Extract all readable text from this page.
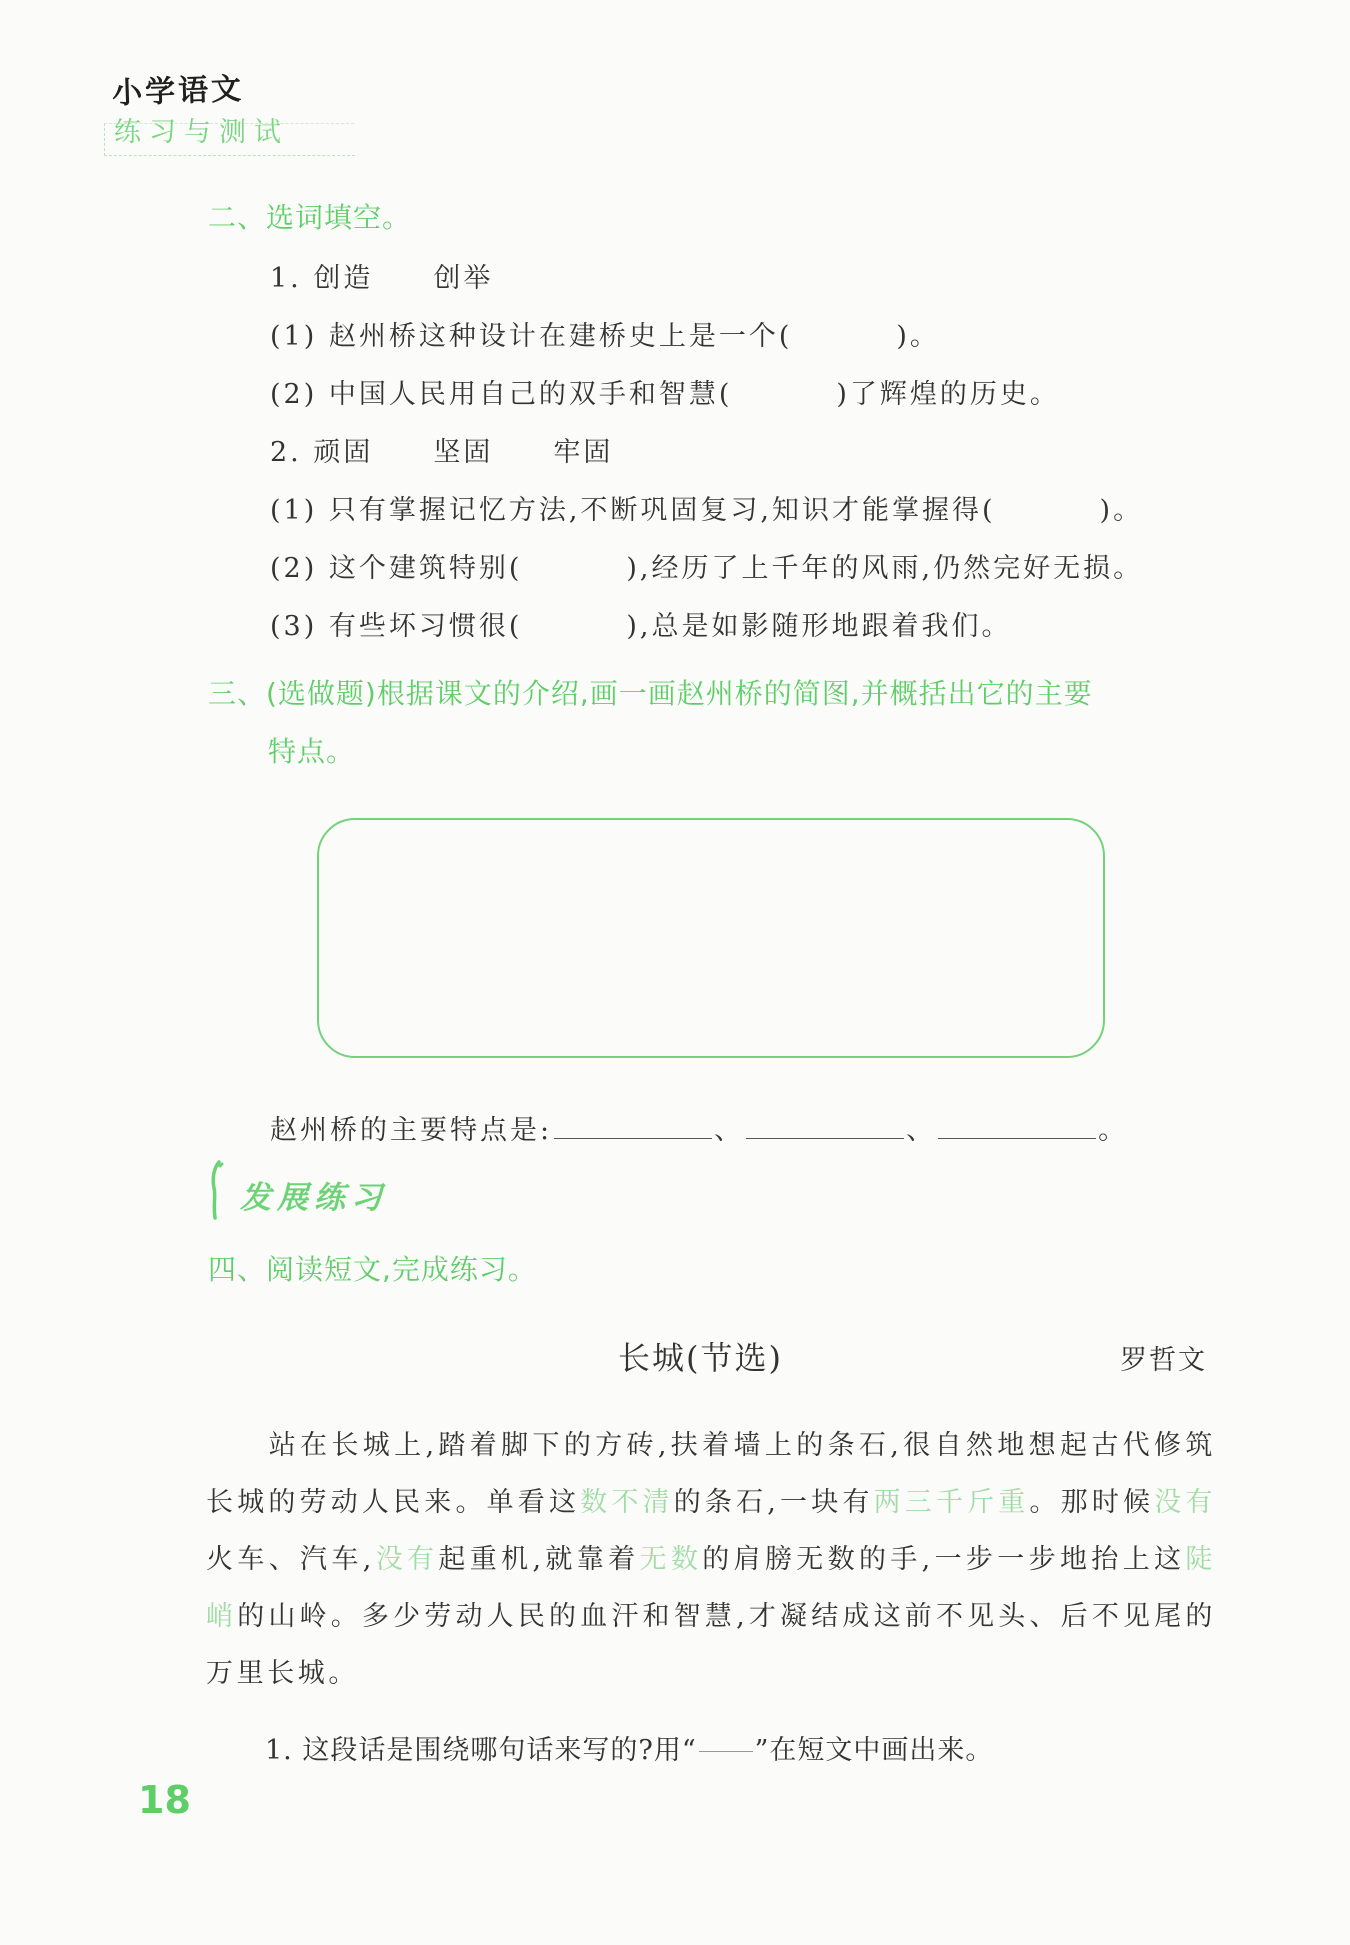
小学语文
练习与测试
二、选词填空。
1. 创造　　创举
(1) 赵州桥这种设计在建桥史上是一个(	)。
(2) 中国人民用自己的双手和智慧(	)了辉煌的历史。
2. 顽固　　坚固　　牢固
(1) 只有掌握记忆方法,不断巩固复习,知识才能掌握得(	)。
(2) 这个建筑特别(	),经历了上千年的风雨,仍然完好无损。
(3) 有些坏习惯很(	),总是如影随形地跟着我们。
三、(选做题)根据课文的介绍,画一画赵州桥的简图,并概括出它的主要
特点。
赵州桥的主要特点是:	、	、	。
发展练习
四、阅读短文,完成练习。
长城(节选)	罗哲文
　　站在长城上,踏着脚下的方砖,扶着墙上的条石,很自然地想起古代修筑长城的劳动人民来。单看这数不清的条石,一块有两三千斤重。那时候没有火车、汽车,没有起重机,就靠着无数的肩膀无数的手,一步一步地抬上这陡峭的山岭。多少劳动人民的血汗和智慧,才凝结成这前不见头、后不见尾的万里长城。
1. 这段话是围绕哪句话来写的?用“ ”在短文中画出来。
18
